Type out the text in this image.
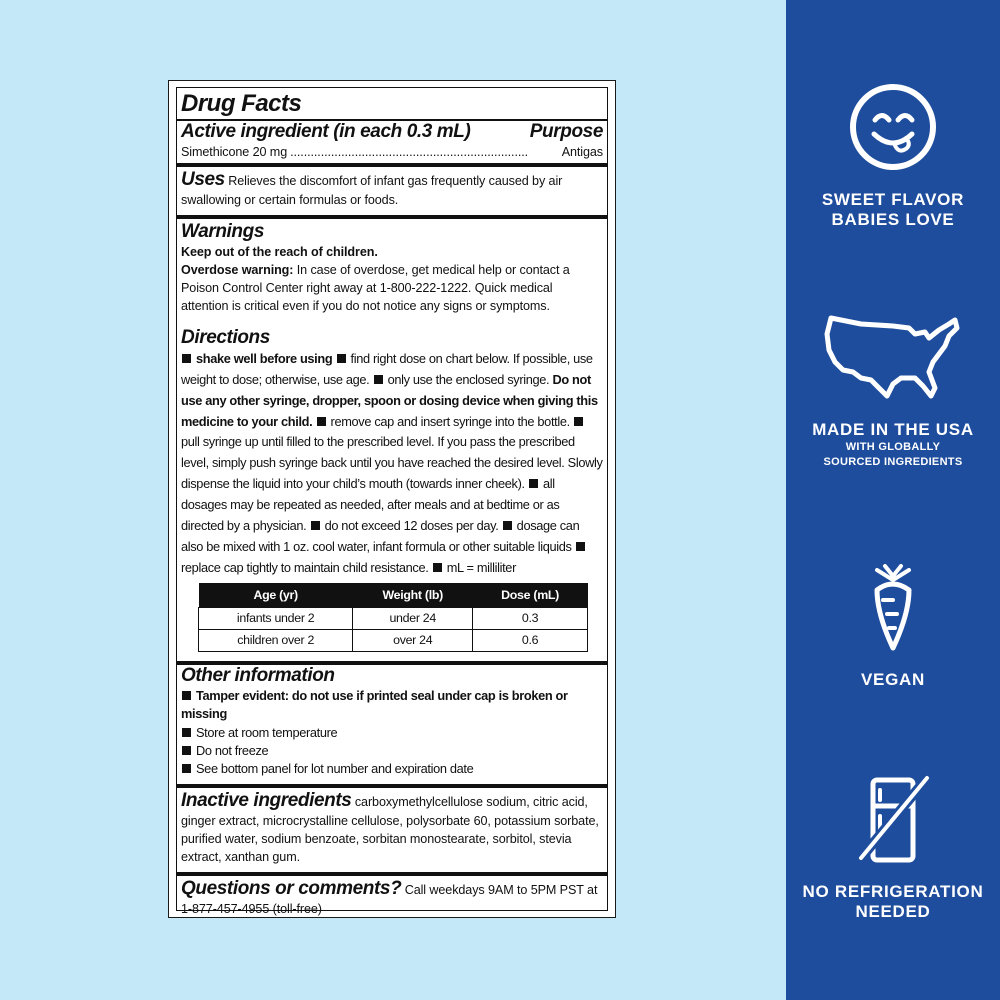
Drug Facts
Active ingredient (in each 0.3 mL)	Purpose
Simethicone 20 mg ......................................................................	Antigas
Uses Relieves the discomfort of infant gas frequently caused by air swallowing or certain formulas or foods.
Warnings
Keep out of the reach of children.
Overdose warning: In case of overdose, get medical help or contact a Poison Control Center right away at 1-800-222-1222. Quick medical attention is critical even if you do not notice any signs or symptoms.
Directions
shake well before using find right dose on chart below. If possible, use weight to dose; otherwise, use age. only use the enclosed syringe. Do not use any other syringe, dropper, spoon or dosing device when giving this medicine to your child. remove cap and insert syringe into the bottle. pull syringe up until filled to the prescribed level. If you pass the prescribed level, simply push syringe back until you have reached the desired level. Slowly dispense the liquid into your child’s mouth (towards inner cheek). all dosages may be repeated as needed, after meals and at bedtime or as directed by a physician. do not exceed 12 doses per day. dosage can also be mixed with 1 oz. cool water, infant formula or other suitable liquids replace cap tightly to maintain child resistance. mL = milliliter
Age (yr)	Weight (lb)	Dose (mL)
infants under 2	under 24	0.3
children over 2	over 24	0.6
Other information
Tamper evident: do not use if printed seal under cap is broken or missing
Store at room temperature
Do not freeze
See bottom panel for lot number and expiration date
Inactive ingredients carboxymethylcellulose sodium, citric acid, ginger extract, microcrystalline cellulose, polysorbate 60, potassium sorbate, purified water, sodium benzoate, sorbitan monostearate, sorbitol, stevia extract, xanthan gum.
Questions or comments? Call weekdays 9AM to 5PM PST at 1-877-457-4955 (toll-free)
SWEET FLAVOR
BABIES LOVE
MADE IN THE USA
WITH GLOBALLY
SOURCED INGREDIENTS
VEGAN
NO REFRIGERATION
NEEDED
